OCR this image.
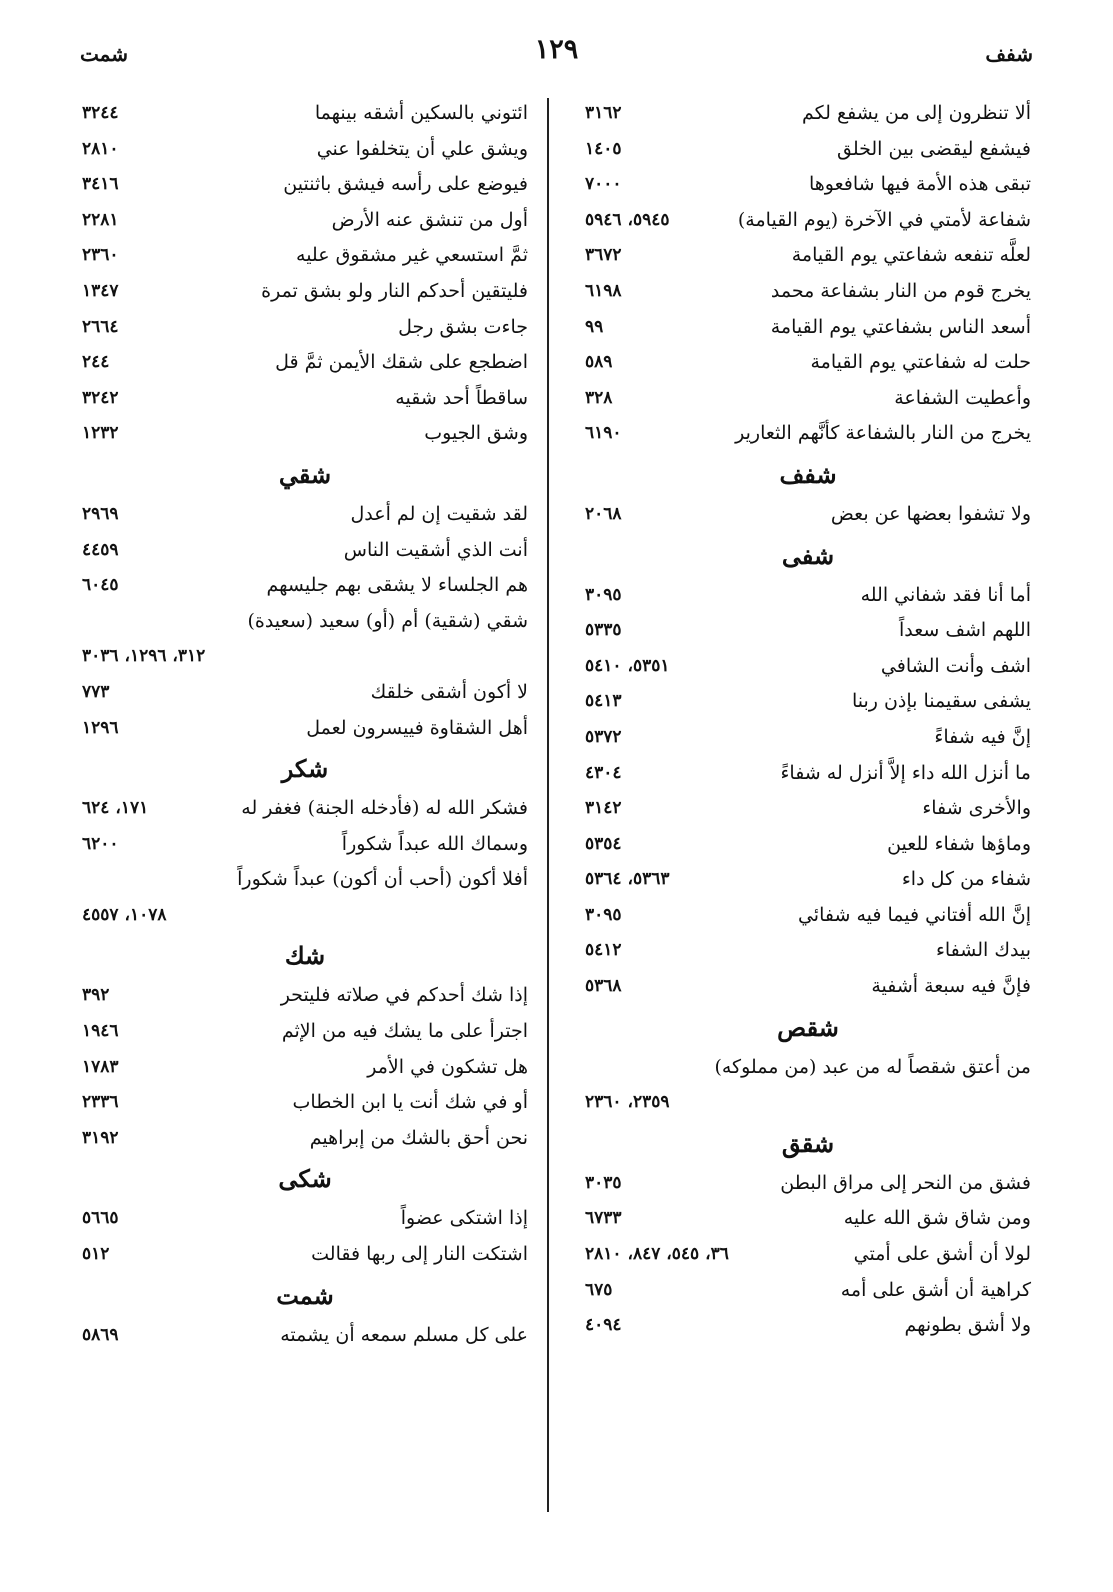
شفف
١٢٩
شمت
ألا تنظرون إلى من يشفع لكم
٣١٦٢
فيشفع ليقضى بين الخلق
١٤٠٥
تبقى هذه الأمة فيها شافعوها
٧٠٠٠
شفاعة لأمتي في الآخرة (يوم القيامة)
٥٩٤٥، ٥٩٤٦
لعلَّه تنفعه شفاعتي يوم القيامة
٣٦٧٢
يخرج قوم من النار بشفاعة محمد
٦١٩٨
أسعد الناس بشفاعتي يوم القيامة
٩٩
حلت له شفاعتي يوم القيامة
٥٨٩
وأعطيت الشفاعة
٣٢٨
يخرج من النار بالشفاعة كأنَّهم الثعارير
٦١٩٠
شفف
ولا تشفوا بعضها عن بعض
٢٠٦٨
شفى
أما أنا فقد شفاني الله
٣٠٩٥
اللهم اشف سعداً
٥٣٣٥
اشف وأنت الشافي
٥٣٥١، ٥٤١٠
يشفى سقيمنا بإذن ربنا
٥٤١٣
إنَّ فيه شفاءً
٥٣٧٢
ما أنزل الله داء إلاَّ أنزل له شفاءً
٤٣٠٤
والأخرى شفاء
٣١٤٢
وماؤها شفاء للعين
٥٣٥٤
شفاء من كل داء
٥٣٦٣، ٥٣٦٤
إنَّ الله أفتاني فيما فيه شفائي
٣٠٩٥
بيدك الشفاء
٥٤١٢
فإنَّ فيه سبعة أشفية
٥٣٦٨
شقص
من أعتق شقصاً له من عبد (من مملوكه)
٢٣٥٩، ٢٣٦٠
شقق
فشق من النحر إلى مراق البطن
٣٠٣٥
ومن شاق شق الله عليه
٦٧٣٣
لولا أن أشق على أمتي
٣٦، ٥٤٥، ٨٤٧، ٢٨١٠
كراهية أن أشق على أمه
٦٧٥
ولا أشق بطونهم
٤٠٩٤
ائتوني بالسكين أشقه بينهما
٣٢٤٤
ويشق علي أن يتخلفوا عني
٢٨١٠
فيوضع على رأسه فيشق باثنتين
٣٤١٦
أول من تنشق عنه الأرض
٢٢٨١
ثمَّ استسعي غير مشقوق عليه
٢٣٦٠
فليتقين أحدكم النار ولو بشق تمرة
١٣٤٧
جاءت بشق رجل
٢٦٦٤
اضطجع على شقك الأيمن ثمَّ قل
٢٤٤
ساقطاً أحد شقيه
٣٢٤٢
وشق الجيوب
١٢٣٢
شقي
لقد شقيت إن لم أعدل
٢٩٦٩
أنت الذي أشقيت الناس
٤٤٥٩
هم الجلساء لا يشقى بهم جليسهم
٦٠٤٥
شقي (شقية) أم (أو) سعيد (سعيدة)
٣١٢، ١٢٩٦، ٣٠٣٦
لا أكون أشقى خلقك
٧٧٣
أهل الشقاوة فييسرون لعمل
١٢٩٦
شكر
فشكر الله له (فأدخله الجنة) فغفر له
١٧١، ٦٢٤
وسماك الله عبداً شكوراً
٦٢٠٠
أفلا أكون (أحب أن أكون) عبداً شكوراً
١٠٧٨، ٤٥٥٧
شك
إذا شك أحدكم في صلاته فليتحر
٣٩٢
اجترأ على ما يشك فيه من الإثم
١٩٤٦
هل تشكون في الأمر
١٧٨٣
أو في شك أنت يا ابن الخطاب
٢٣٣٦
نحن أحق بالشك من إبراهيم
٣١٩٢
شكى
إذا اشتكى عضواً
٥٦٦٥
اشتكت النار إلى ربها فقالت
٥١٢
شمت
على كل مسلم سمعه أن يشمته
٥٨٦٩
